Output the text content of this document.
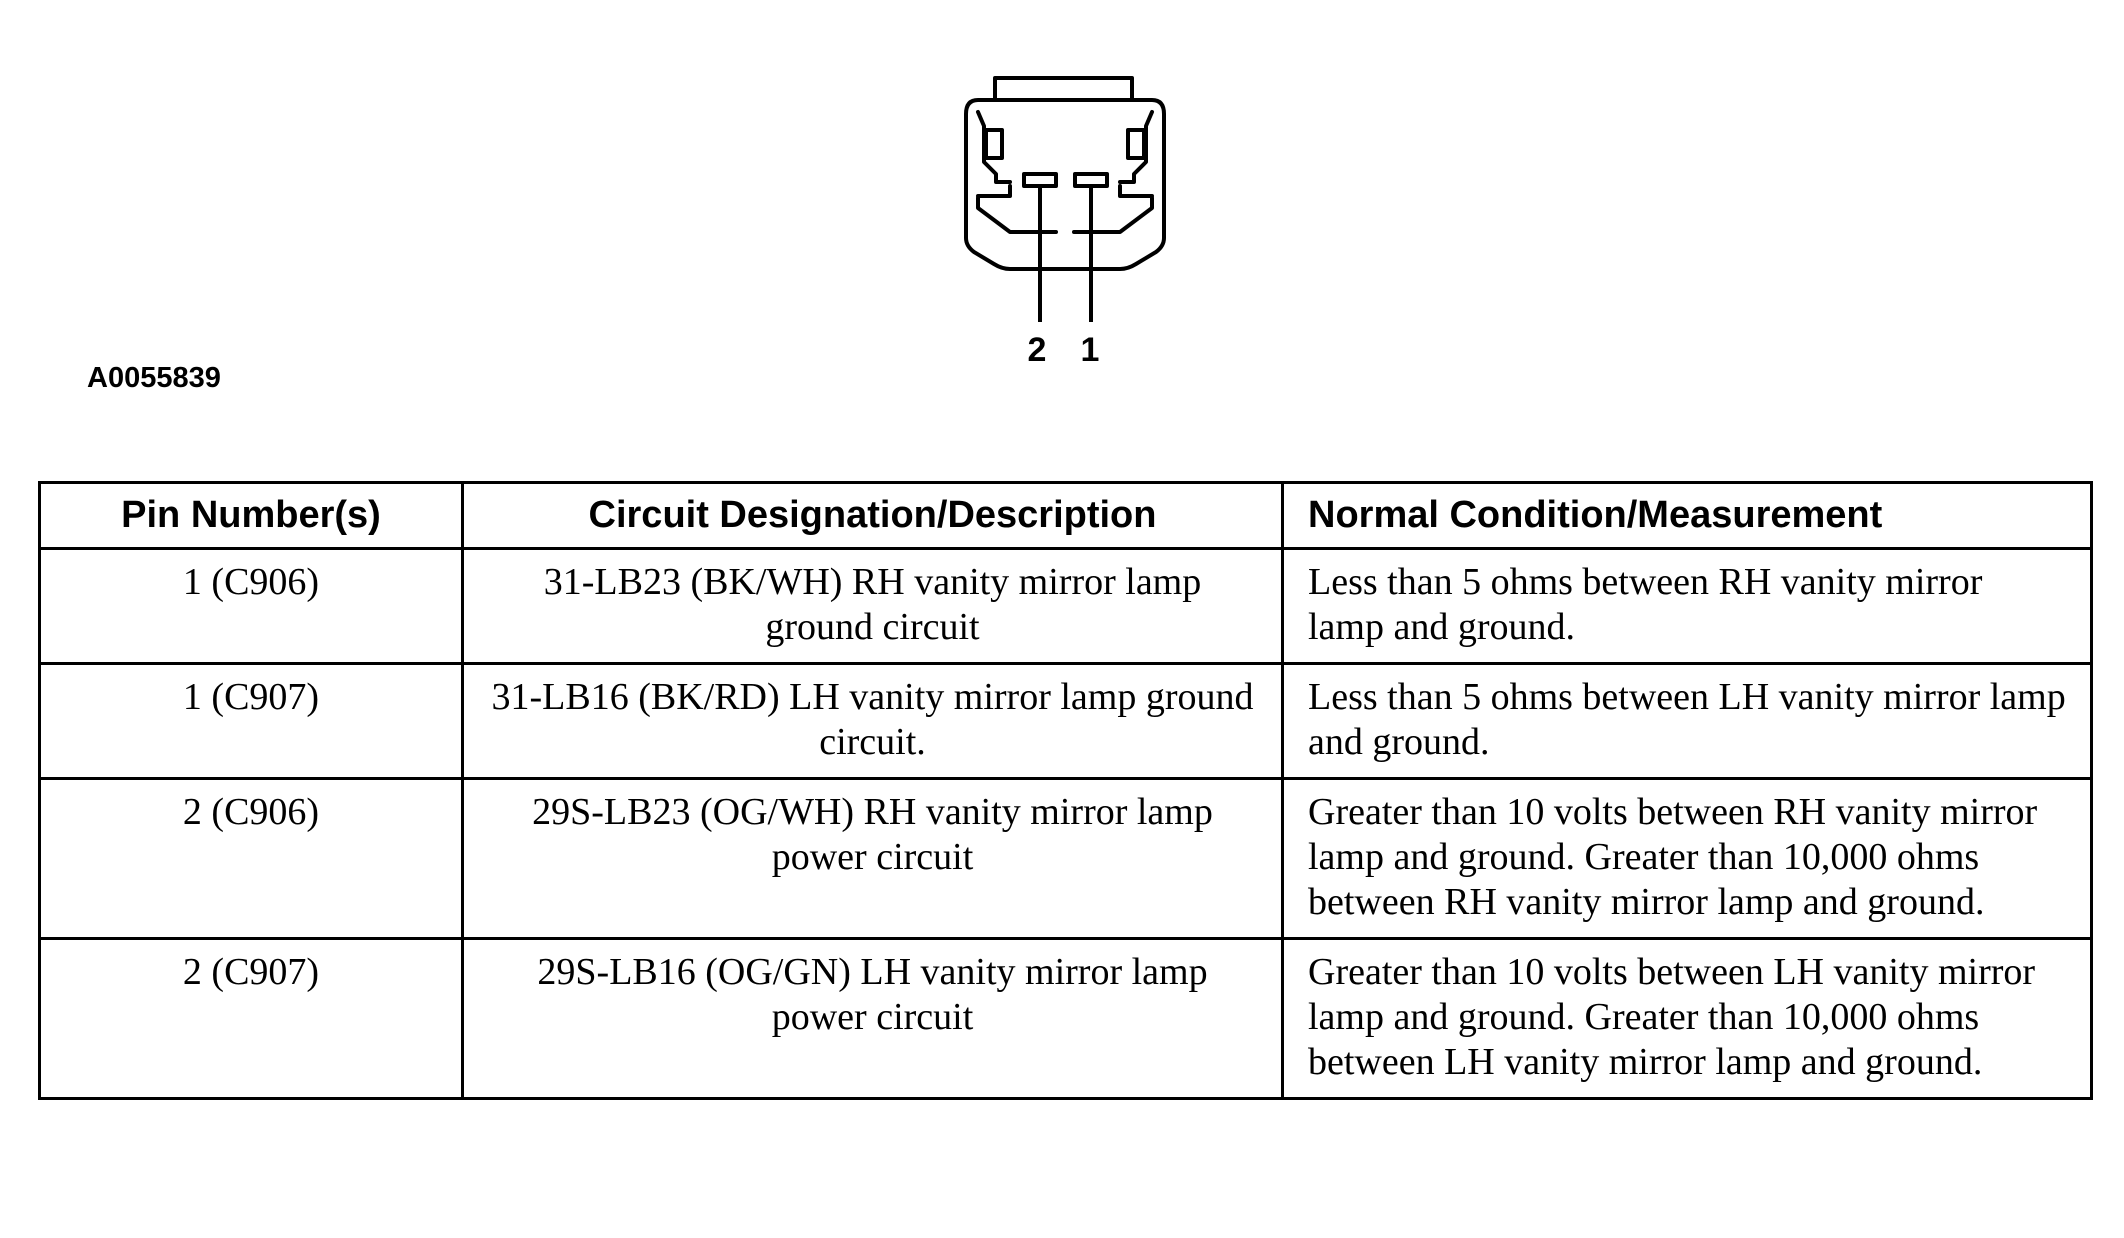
2	1
A0055839
Pin Number(s)	Circuit Designation/Description	Normal Condition/Measurement
1 (C906)	31-LB23 (BK/WH) RH vanity mirror lamp ground circuit	Less than 5 ohms between RH vanity mirror lamp and ground.
1 (C907)	31-LB16 (BK/RD) LH vanity mirror lamp ground circuit.	Less than 5 ohms between LH vanity mirror lamp and ground.
2 (C906)	29S-LB23 (OG/WH) RH vanity mirror lamp power circuit	Greater than 10 volts between RH vanity mirror lamp and ground. Greater than 10,000 ohms between RH vanity mirror lamp and ground.
2 (C907)	29S-LB16 (OG/GN) LH vanity mirror lamp power circuit	Greater than 10 volts between LH vanity mirror lamp and ground. Greater than 10,000 ohms between LH vanity mirror lamp and ground.
